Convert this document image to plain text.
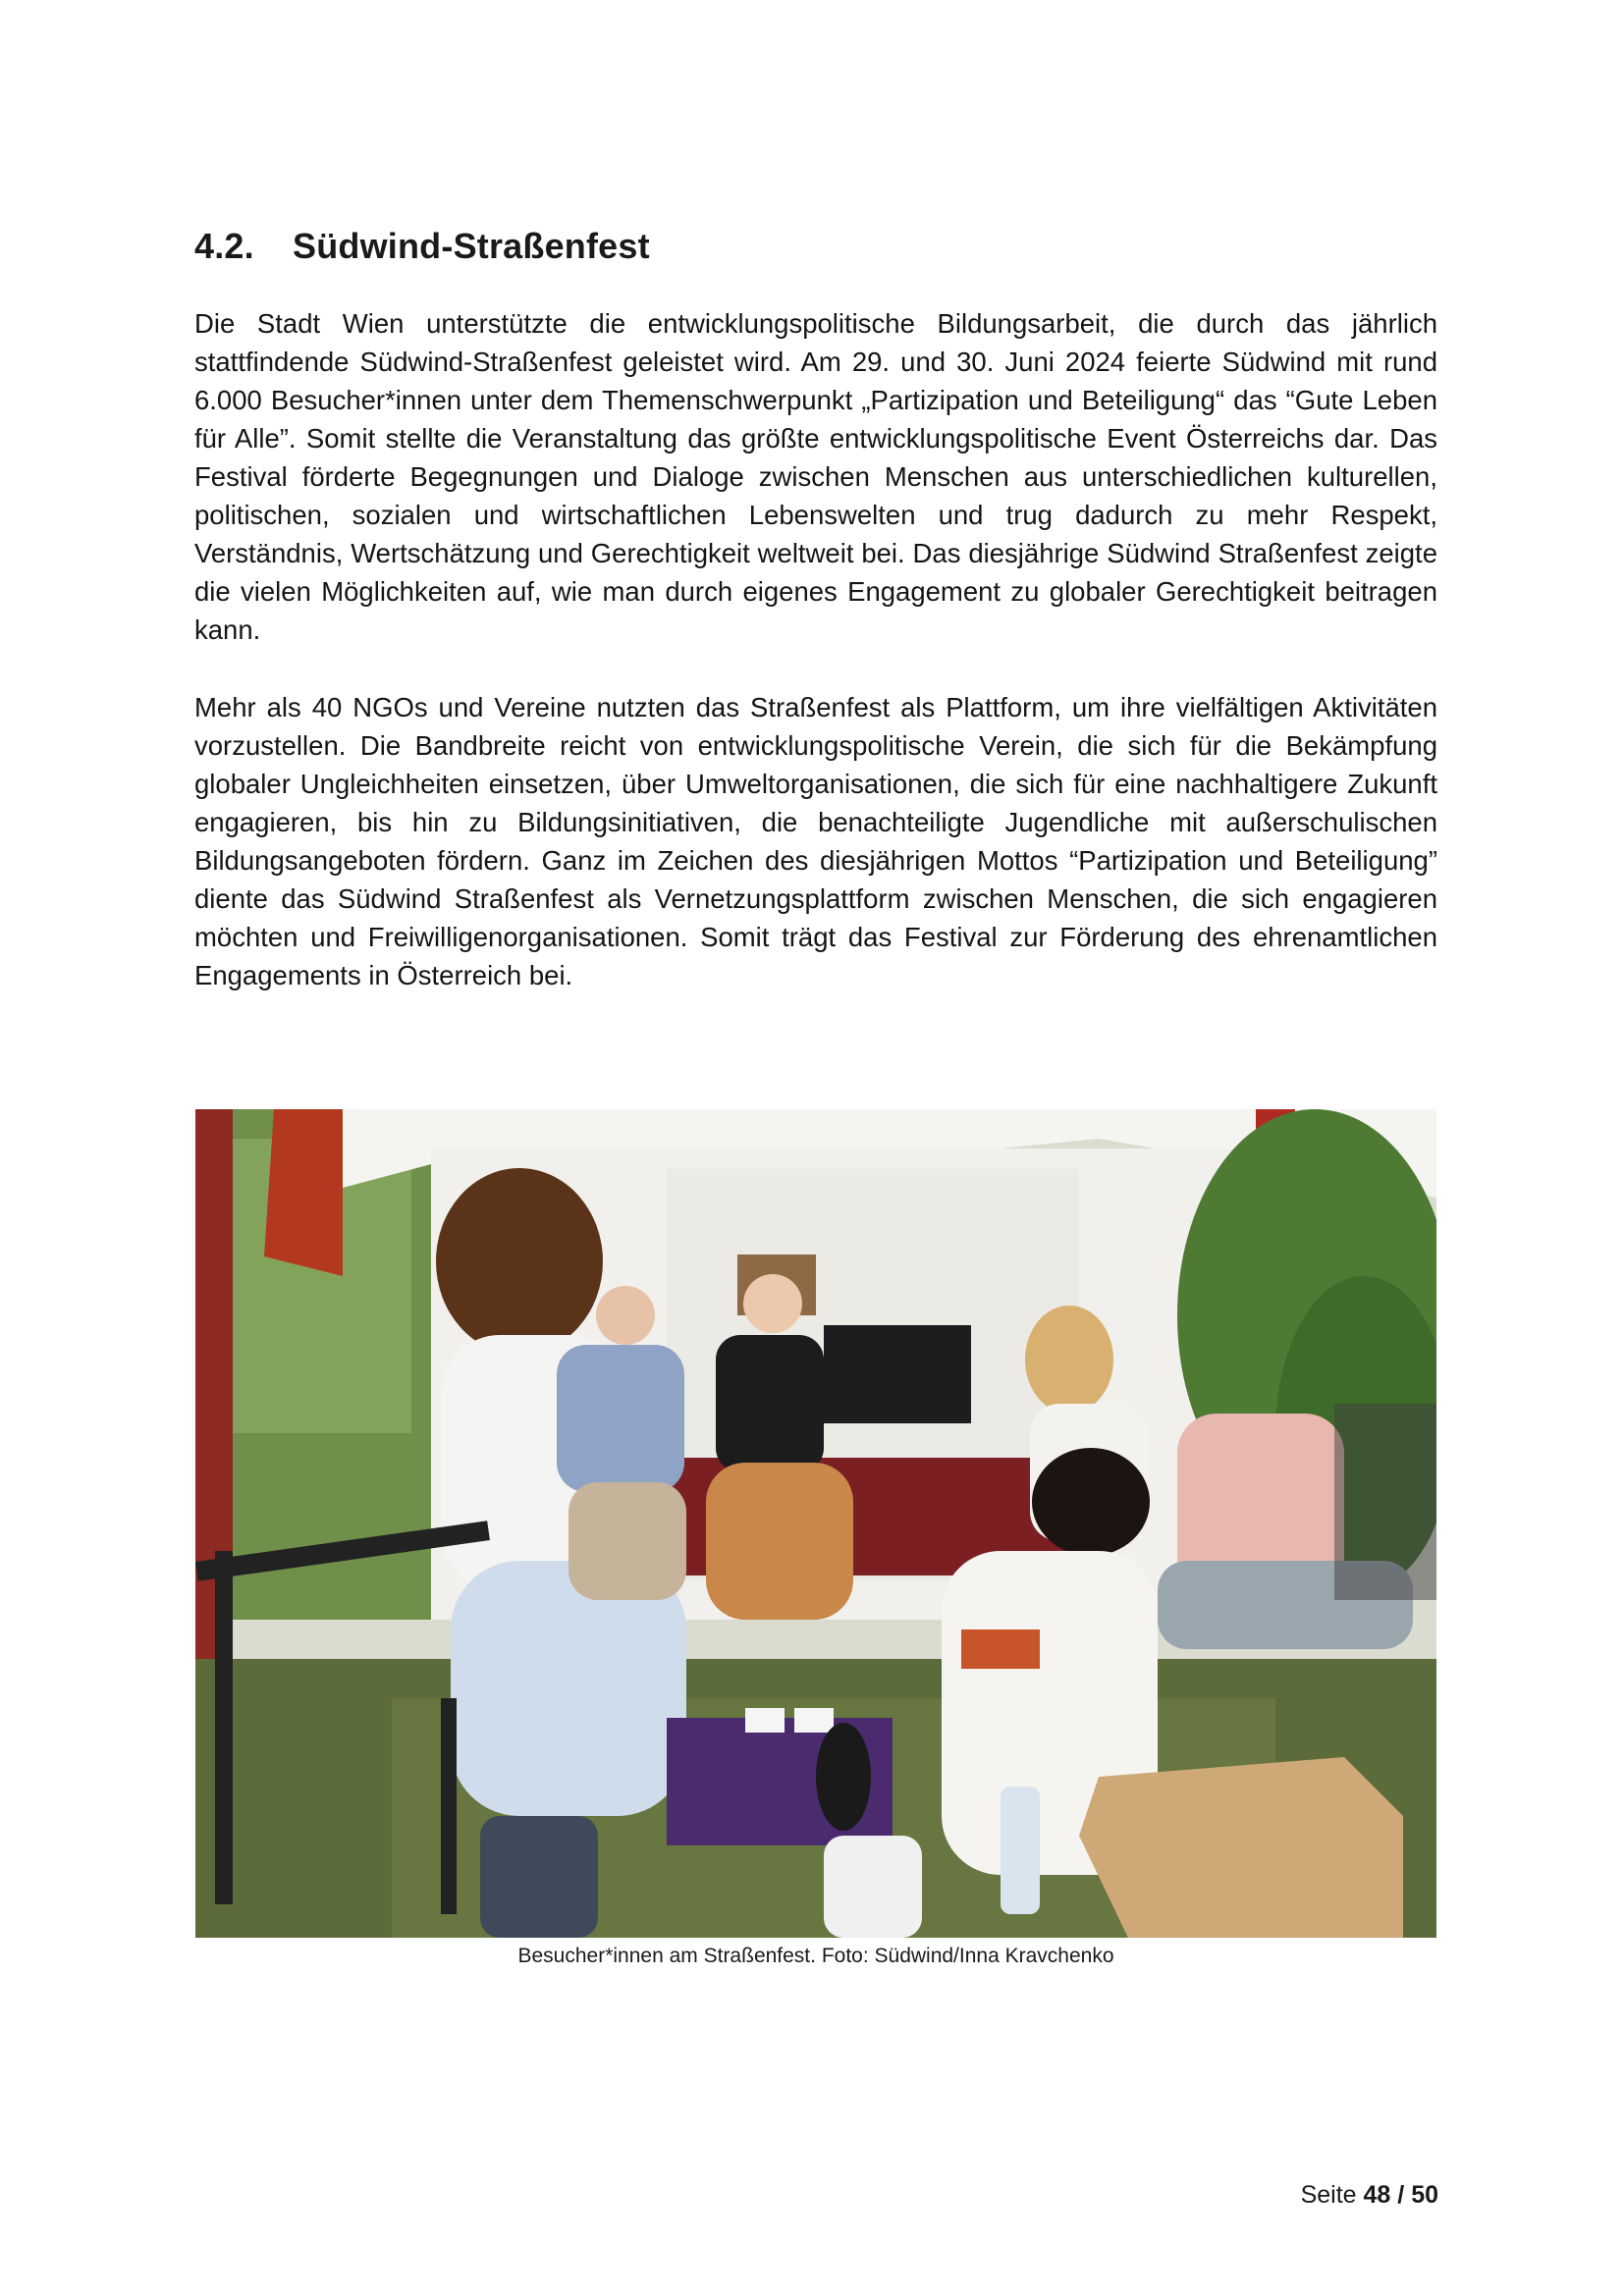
4.2.	Südwind-Straßenfest

Die Stadt Wien unterstützte die entwicklungspolitische Bildungsarbeit, die durch das jährlich stattfindende Südwind-Straßenfest geleistet wird. Am 29. und 30. Juni 2024 feierte Südwind mit rund 6.000 Besucher*innen unter dem Themenschwerpunkt „Partizipation und Beteiligung“ das “Gute Leben für Alle”. Somit stellte die Veranstaltung das größte entwicklungspolitische Event Österreichs dar. Das Festival förderte Begegnungen und Dialoge zwischen Menschen aus unterschiedlichen kulturellen, politischen, sozialen und wirtschaftlichen Lebenswelten und trug dadurch zu mehr Respekt, Verständnis, Wertschätzung und Gerechtigkeit weltweit bei. Das diesjährige Südwind Straßenfest zeigte die vielen Möglichkeiten auf, wie man durch eigenes Engagement zu globaler Gerechtigkeit beitragen kann.

Mehr als 40 NGOs und Vereine nutzten das Straßenfest als Plattform, um ihre vielfältigen Aktivitäten vorzustellen. Die Bandbreite reicht von entwicklungspolitische Verein, die sich für die Bekämpfung globaler Ungleichheiten einsetzen, über Umweltorganisationen, die sich für eine nachhaltigere Zukunft engagieren, bis hin zu Bildungsinitiativen, die benachteiligte Jugendliche mit außerschulischen Bildungsangeboten fördern. Ganz im Zeichen des diesjährigen Mottos “Partizipation und Beteiligung” diente das Südwind Straßenfest als Vernetzungsplattform zwischen Menschen, die sich engagieren möchten und Freiwilligenorganisationen. Somit trägt das Festival zur Förderung des ehrenamtlichen Engagements in Österreich bei.

Besucher*innen am Straßenfest. Foto: Südwind/Inna Kravchenko
Seite 48 / 50
